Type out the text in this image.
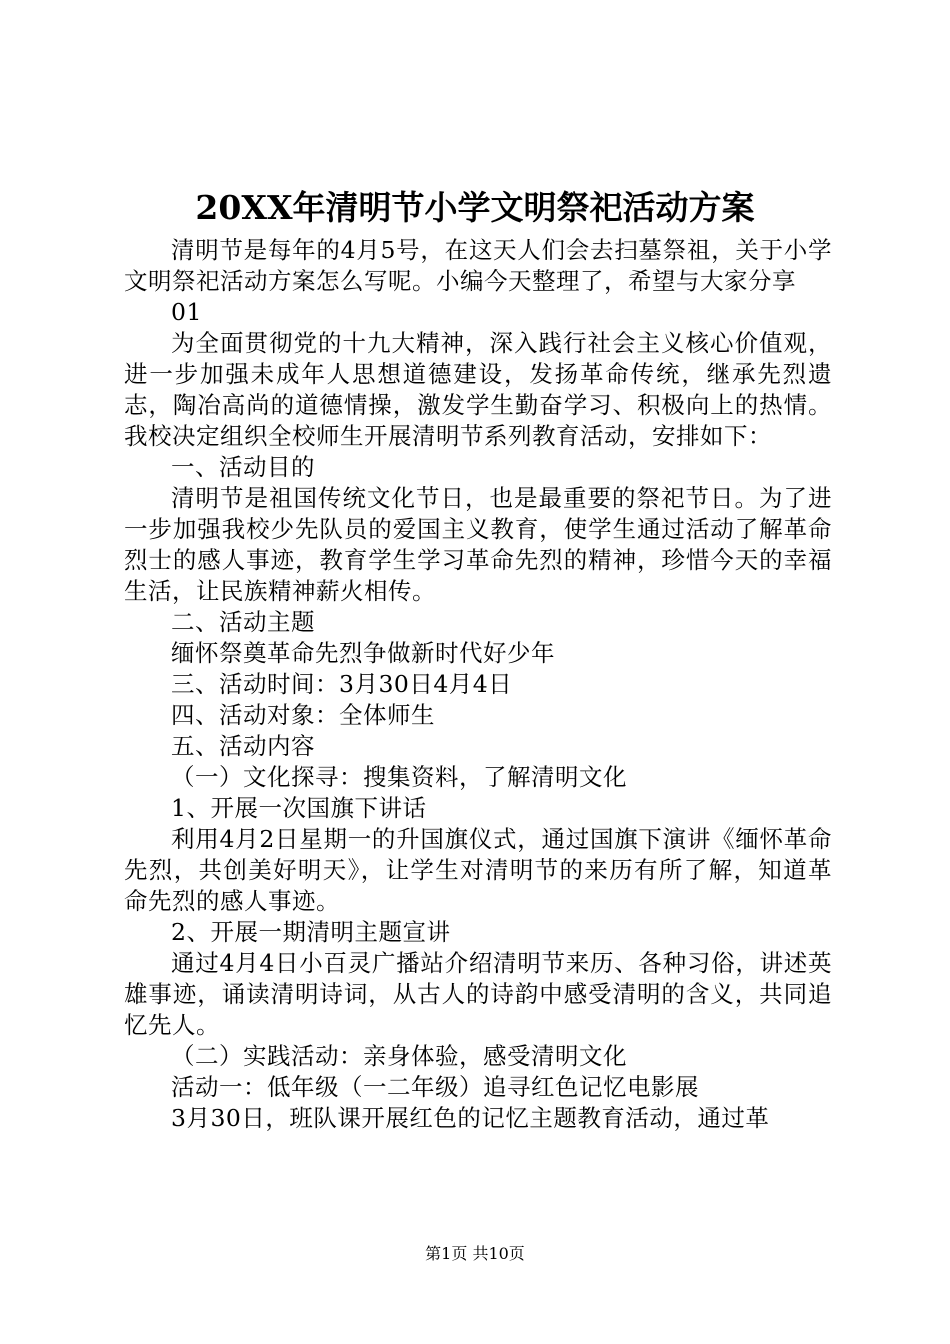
20XX年清明节小学文明祭祀活动方案

清明节是每年的4月5号，在这天人们会去扫墓祭祖，关于小学文明祭祀活动方案怎么写呢。小编今天整理了，希望与大家分享

01

为全面贯彻党的十九大精神，深入践行社会主义核心价值观，进一步加强未成年人思想道德建设，发扬革命传统，继承先烈遗志，陶冶高尚的道德情操，激发学生勤奋学习、积极向上的热情。我校决定组织全校师生开展清明节系列教育活动，安排如下：

一、活动目的

清明节是祖国传统文化节日，也是最重要的祭祀节日。为了进一步加强我校少先队员的爱国主义教育，使学生通过活动了解革命烈士的感人事迹，教育学生学习革命先烈的精神，珍惜今天的幸福生活，让民族精神薪火相传。

二、活动主题

缅怀祭奠革命先烈争做新时代好少年

三、活动时间：3月30日4月4日

四、活动对象：全体师生

五、活动内容

（一）文化探寻：搜集资料，了解清明文化

1、开展一次国旗下讲话

利用4月2日星期一的升国旗仪式，通过国旗下演讲《缅怀革命先烈，共创美好明天》，让学生对清明节的来历有所了解，知道革命先烈的感人事迹。

2、开展一期清明主题宣讲

通过4月4日小百灵广播站介绍清明节来历、各种习俗，讲述英雄事迹，诵读清明诗词，从古人的诗韵中感受清明的含义，共同追忆先人。

（二）实践活动：亲身体验，感受清明文化

活动一：低年级（一二年级）追寻红色记忆电影展

3月30日，班队课开展红色的记忆主题教育活动，通过革

第1页 共10页
